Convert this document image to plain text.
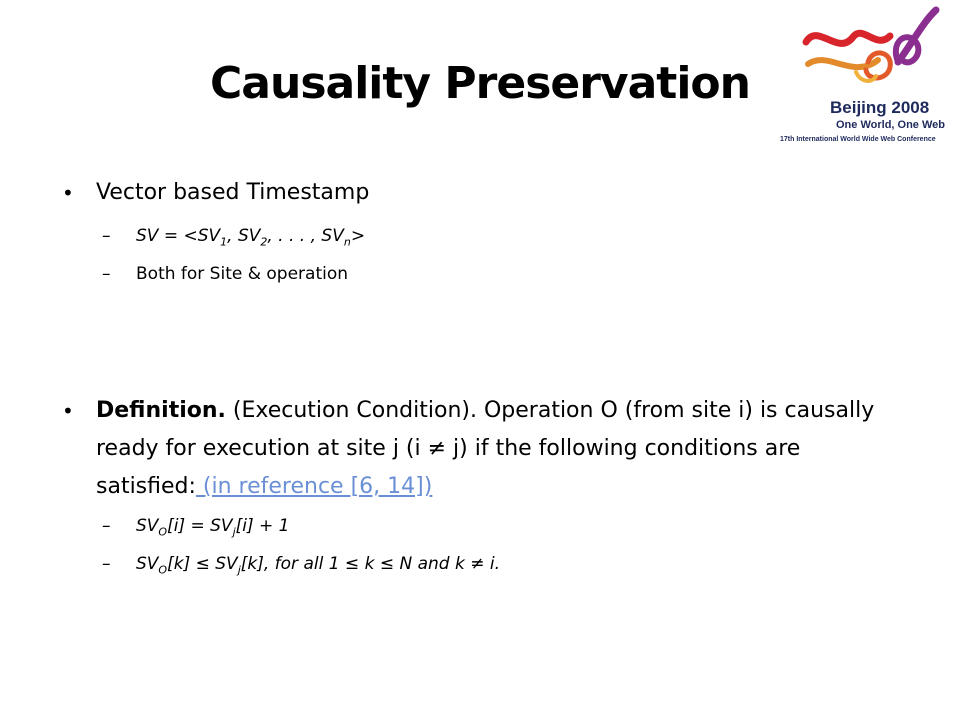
Causality Preservation	Beijing 2008
One World, One Web
17th International World Wide Web Conference
• Vector based Timestamp
– SV = $<SV_1$, $SV_2$, . . . , $SV_n>$
– Both for Site & operation
• Definition. (Execution Condition). Operation O (from site i) is causally ready for execution at site j (i ≠ j) if the following conditions are satisfied: (in reference [6, 14])
– $SV_O[i] = SV_j[i] + 1$
– $SV_O[k] \le SV_j[k]$, for all 1 ≤ k ≤ N and k ≠ i.
